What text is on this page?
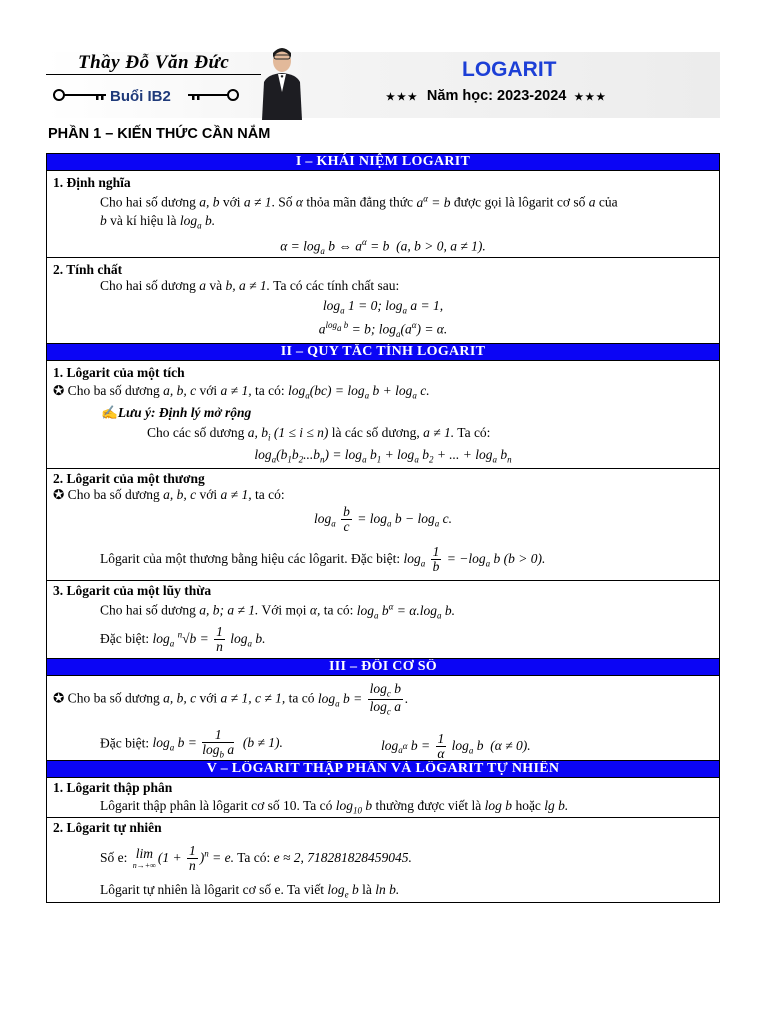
Thầy Đỗ Văn Đức
Buổi IB2
LOGARIT
★★★ Năm học: 2023-2024 ★★★
PHẦN 1 – KIẾN THỨC CẦN NẮM
I – KHÁI NIỆM LOGARIT
1. Định nghĩa
Cho hai số dương a, b với a ≠ 1. Số α thỏa mãn đẳng thức $a^\alpha = b$ được gọi là lôgarit cơ số a của
b và kí hiệu là $\log_a b$.
$\alpha = \log_a b$ ⇔ $a^\alpha = b$  (a, b > 0, a ≠ 1).
2. Tính chất
Cho hai số dương a và b, a ≠ 1. Ta có các tính chất sau:
$\log_a 1 = 0$; $\log_a a = 1$,
$a^{log_a b} = b$; $\log_a(a^\alpha) = \alpha$.
II – QUY TẮC TÍNH LOGARIT
1. Lôgarit của một tích
✪ Cho ba số dương a, b, c với a ≠ 1, ta có: $\log_a(bc) = \log_a b + \log_a c$.
✍Lưu ý: Định lý mở rộng
Cho các số dương a, $b_i$ (1 ≤ i ≤ n) là các số dương, a ≠ 1. Ta có:
$\log_a(b_1b_2...b_n) = \log_a b_1 + \log_a b_2$ + ... + $\log_a b_n$
2. Lôgarit của một thương
✪ Cho ba số dương a, b, c với a ≠ 1, ta có:
$\log_a \frac{b}{c} = \log_a b - \log_a c$.
Lôgarit của một thương bằng hiệu các lôgarit. Đặc biệt: $\log_a \frac{1}{b} = -\log_a$ b (b > 0).
3. Lôgarit của một lũy thừa
Cho hai số dương a, b; a ≠ 1. Với mọi α, ta có: $\log_a b^\alpha = \alpha.\log_a$ b.
Đặc biệt: $\log_a ^n√b = \frac{1}{n} \log_a b$.
III – ĐỔI CƠ SỐ
✪ Cho ba số dương a, b, c với a ≠ 1, c ≠ 1, ta có $\log_a b = \frac{\log_c b}{\log_c a}$ .
Đặc biệt: $\log_a b = \frac{1}{\log_b a} (b \ne 1)$.	$\log_{a^\alpha} b = \frac{1}{\alpha} \log_a b$  (α ≠ 0).
V – LÔGARIT THẬP PHÂN VÀ LÔGARIT TỰ NHIÊN
1. Lôgarit thập phân
Lôgarit thập phân là lôgarit cơ số 10. Ta có $\log_{10} b$ thường được viết là log b hoặc lg b.
2. Lôgarit tự nhiên
Số e: lim
n→+∞
$(1 + \frac{1}{n} )^n = e$. Ta có: e ≈ 2, 718281828459045.
Lôgarit tự nhiên là lôgarit cơ số e. Ta viết $\log_e b$ là ln b.
